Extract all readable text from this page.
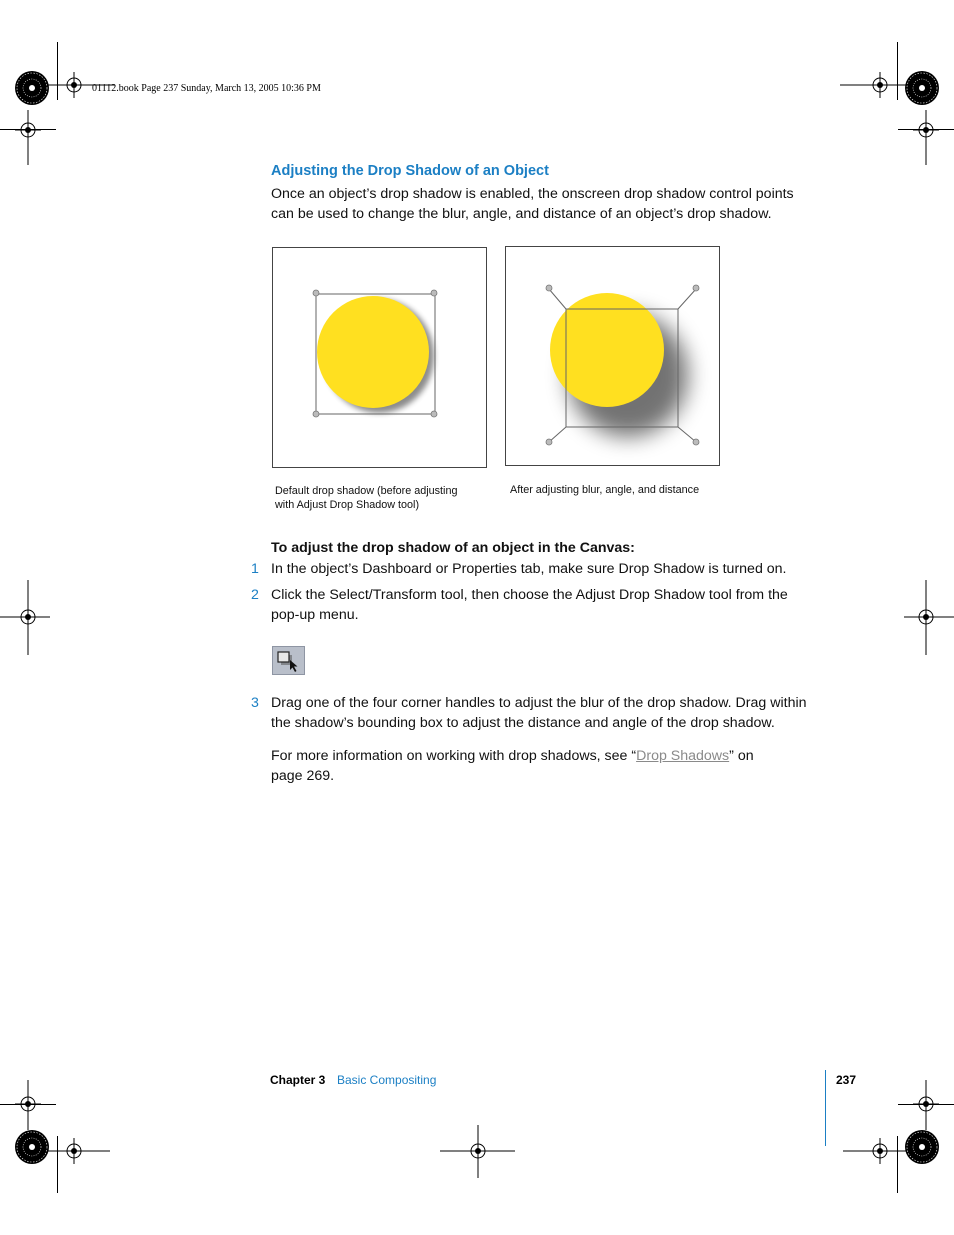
01112.book Page 237 Sunday, March 13, 2005 10:36 PM
Adjusting the Drop Shadow of an Object
Once an object’s drop shadow is enabled, the onscreen drop shadow control points
can be used to change the blur, angle, and distance of an object’s drop shadow.
Default drop shadow (before adjusting
with Adjust Drop Shadow tool)
After adjusting blur, angle, and distance
To adjust the drop shadow of an object in the Canvas:
1 In the object’s Dashboard or Properties tab, make sure Drop Shadow is turned on.
2 Click the Select/Transform tool, then choose the Adjust Drop Shadow tool from the
pop-up menu.
3 Drag one of the four corner handles to adjust the blur of the drop shadow. Drag within
the shadow’s bounding box to adjust the distance and angle of the drop shadow.
For more information on working with drop shadows, see “Drop Shadows” on
page 269.
Chapter 3 Basic Compositing	237
